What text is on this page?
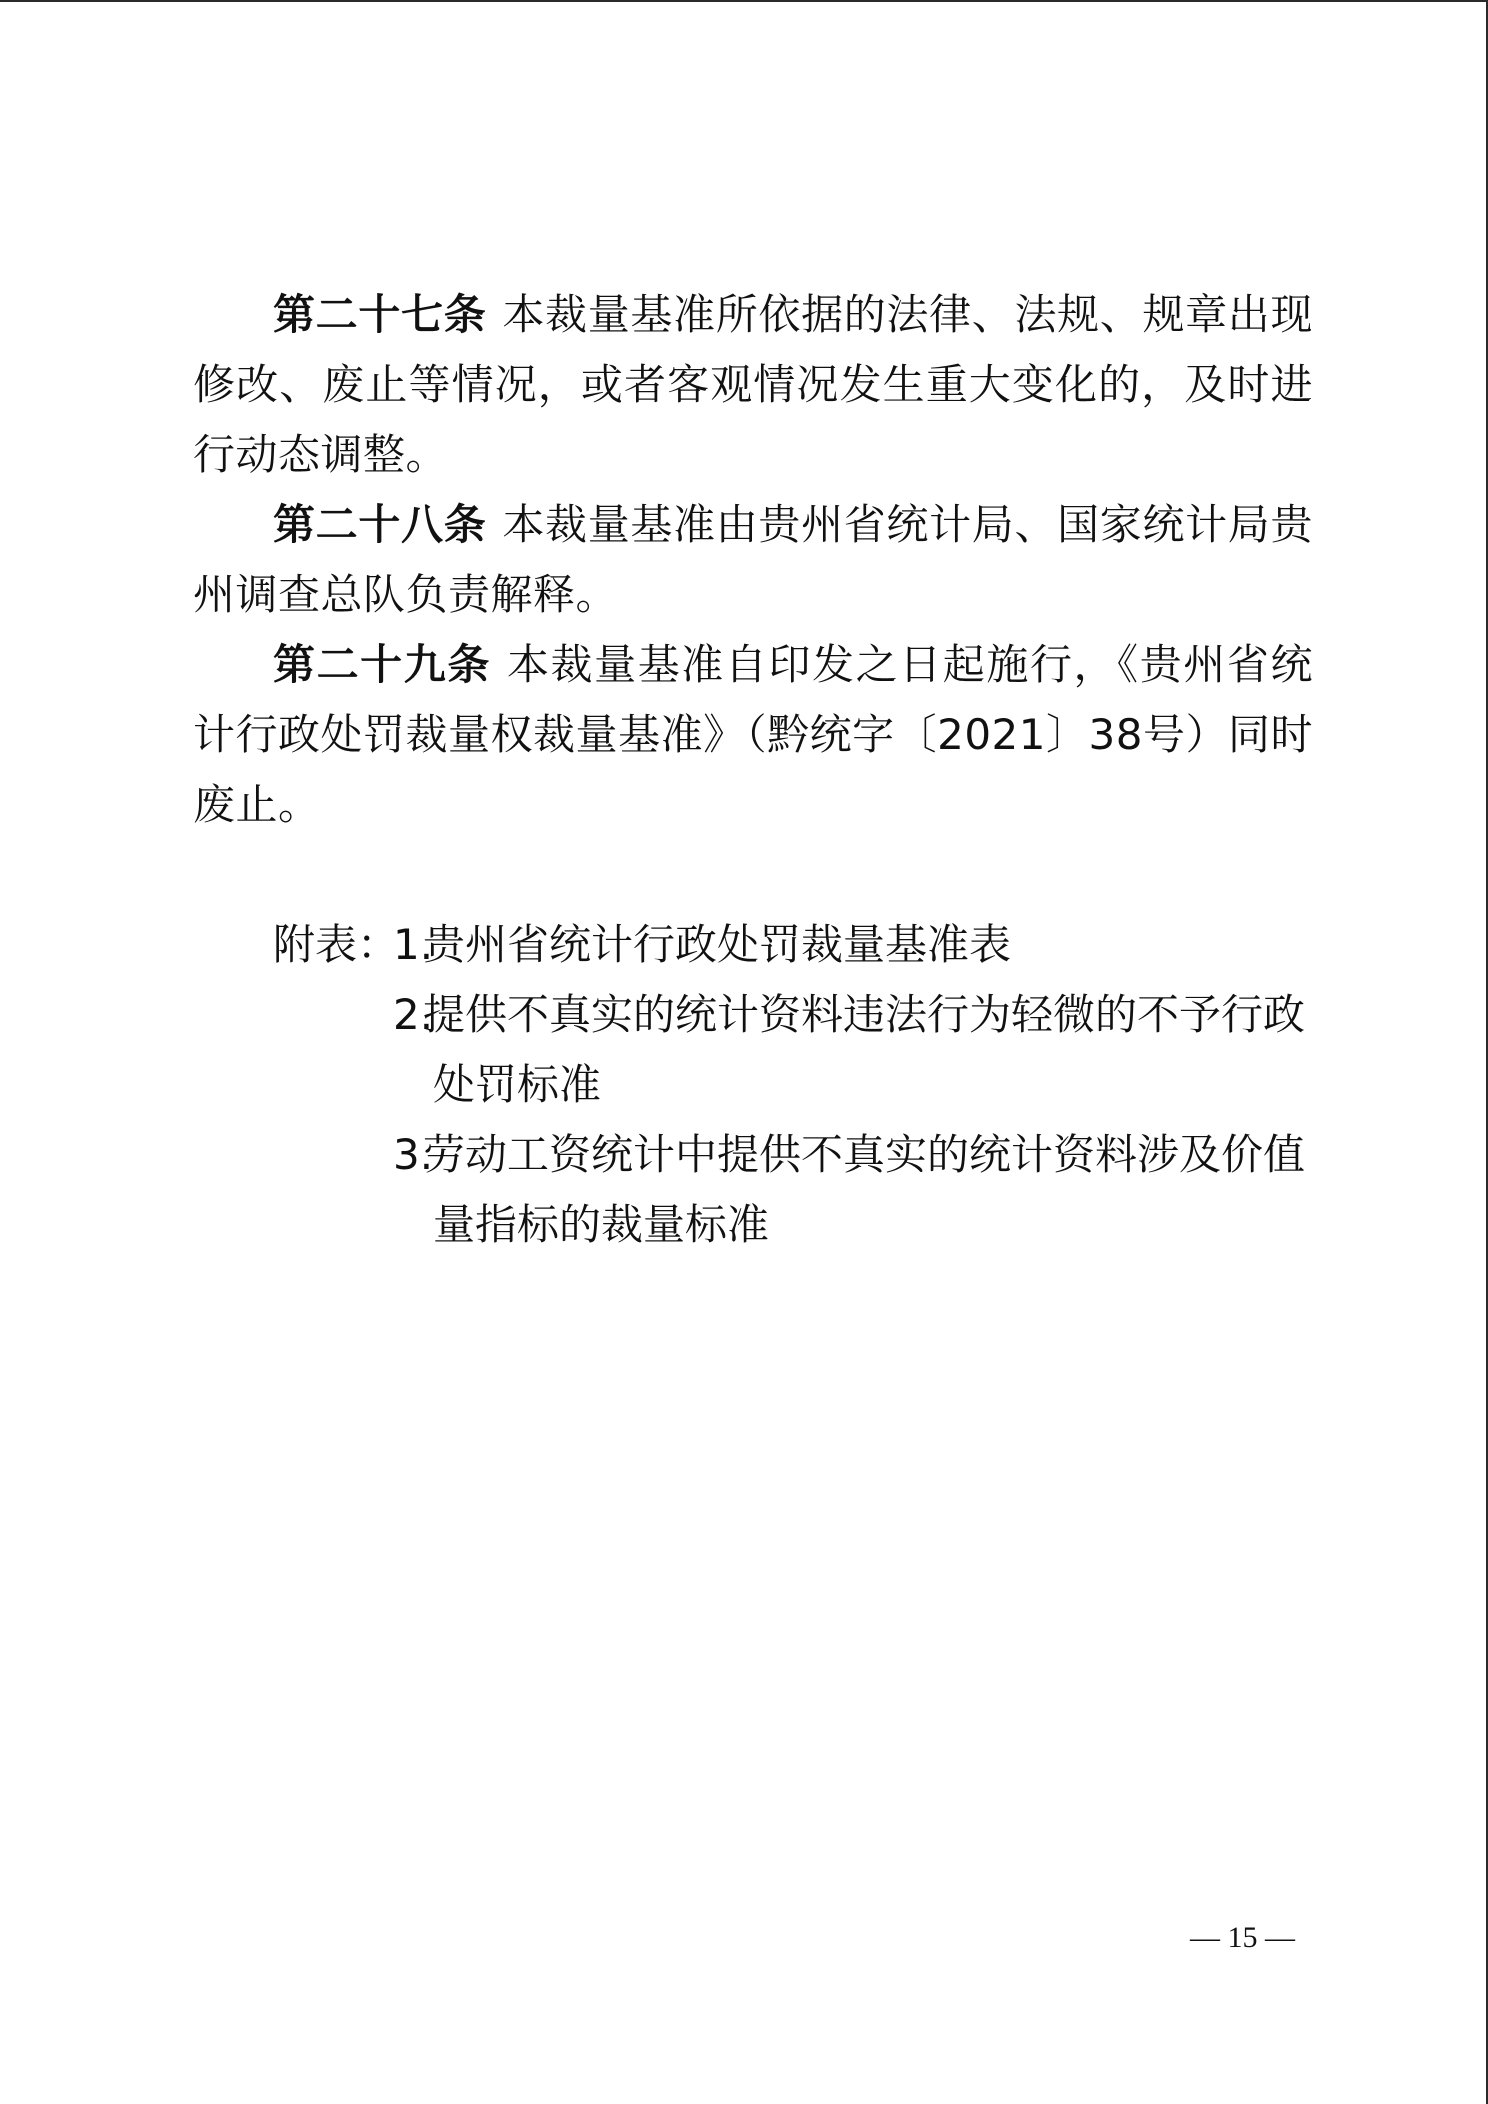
第二十七条 本裁量基准所依据的法律、法规、规章出现修改、废止等情况，或者客观情况发生重大变化的，及时进行动态调整。

第二十八条 本裁量基准由贵州省统计局、国家统计局贵州调查总队负责解释。

第二十九条 本裁量基准自印发之日起施行，《贵州省统计行政处罚裁量权裁量基准》（黔统字〔2021〕38号）同时废止。

附表：
1.贵州省统计行政处罚裁量基准表
2.提供不真实的统计资料违法行为轻微的不予行政处罚标准
3.劳动工资统计中提供不真实的统计资料涉及价值量指标的裁量标准
— 15 —
